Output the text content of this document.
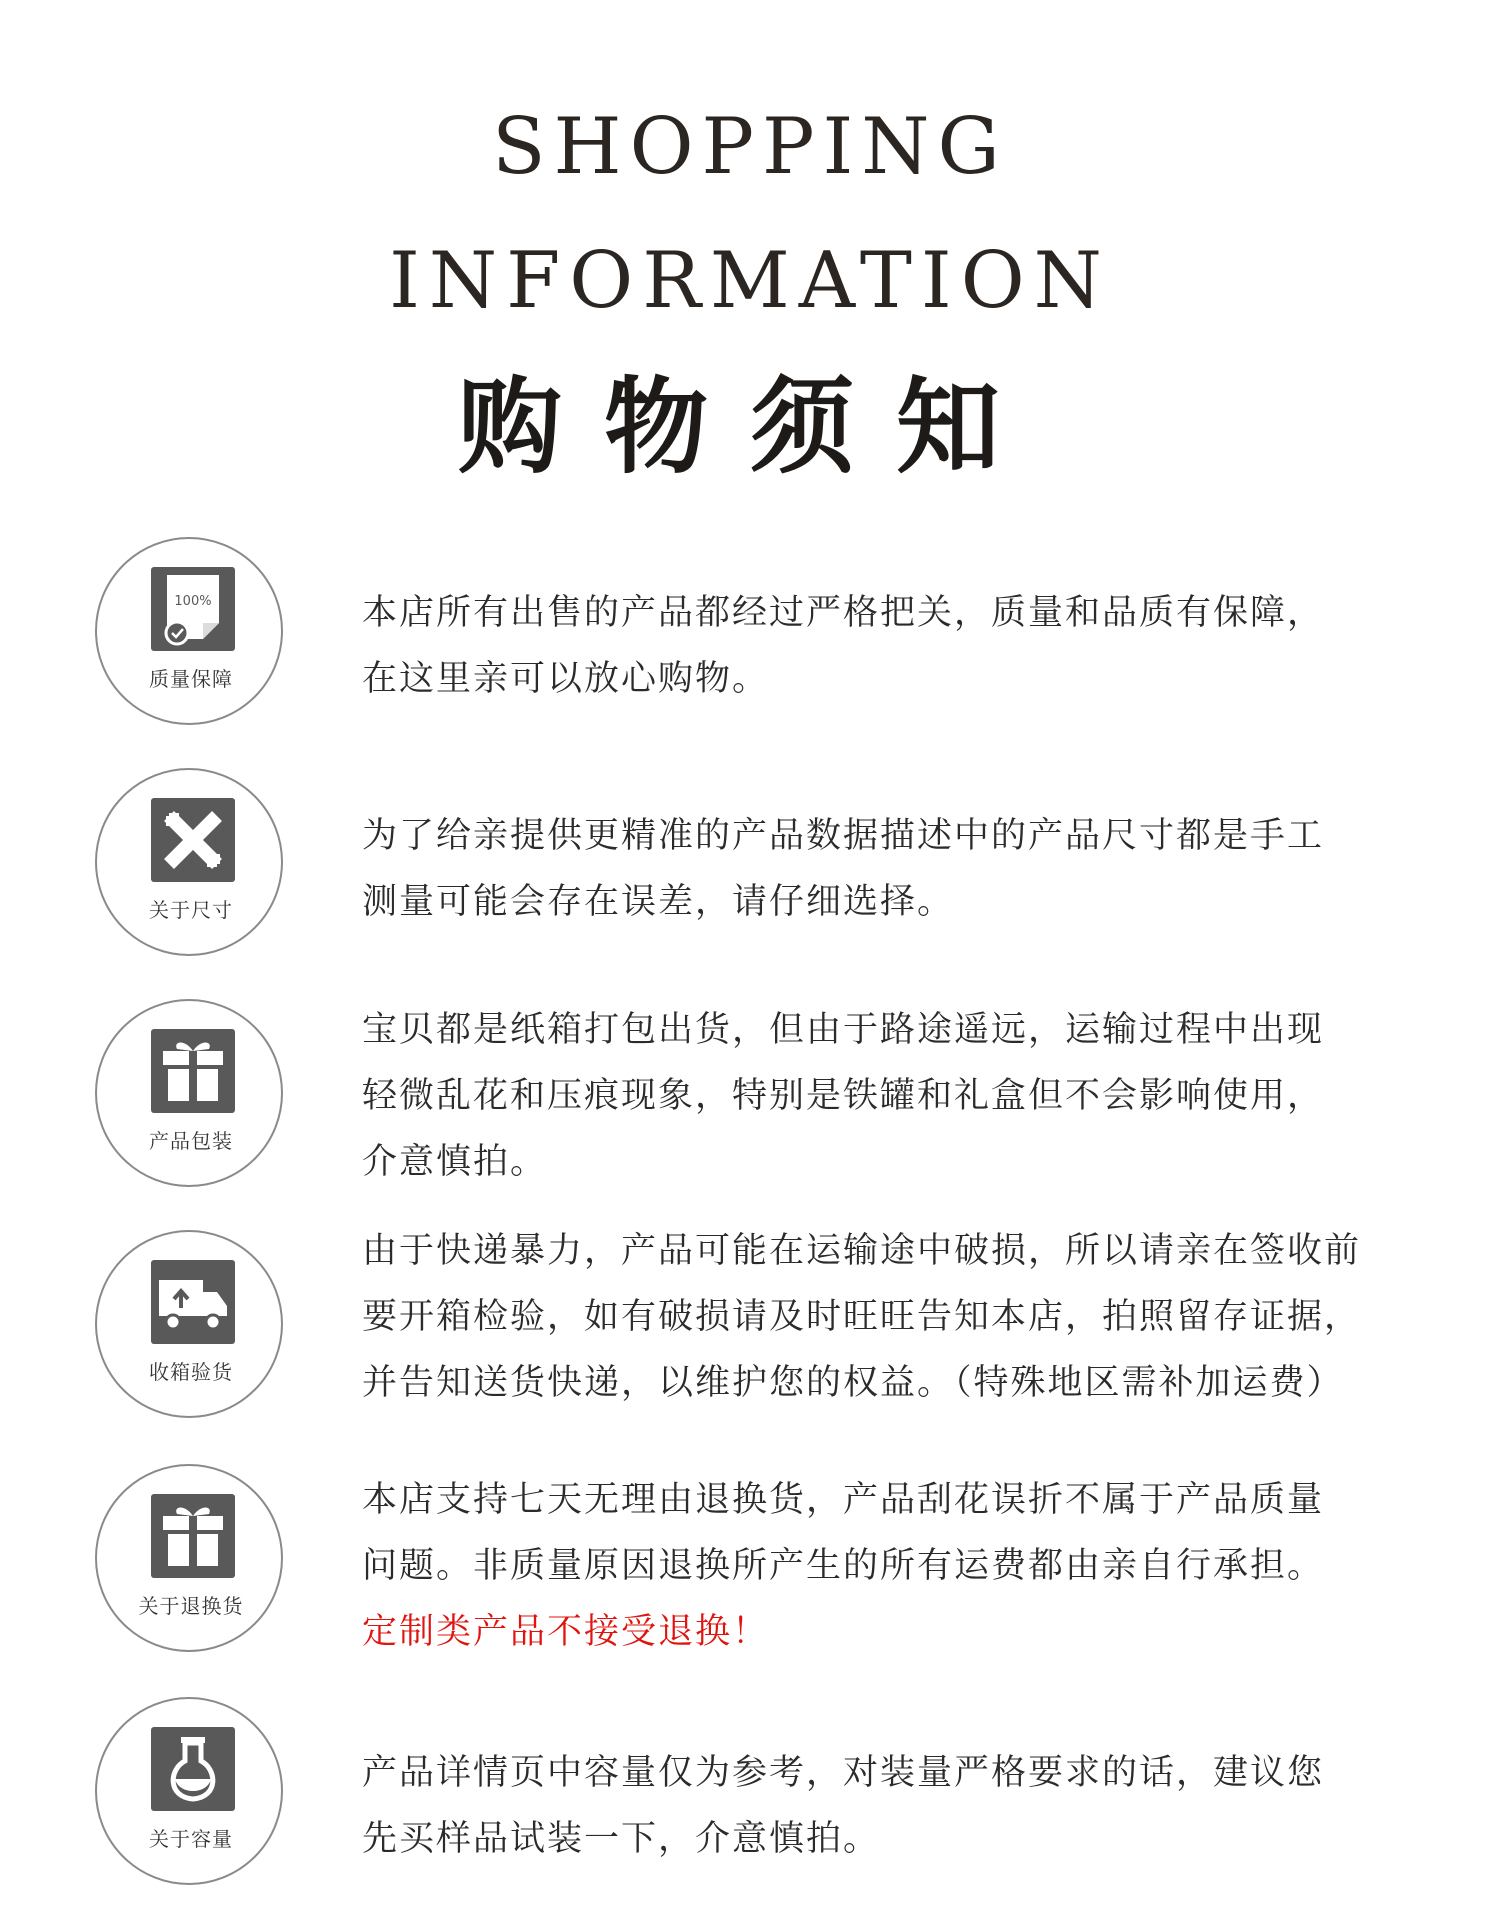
SHOPPING
INFORMATION
购物须知
100%
质量保障
本店所有出售的产品都经过严格把关，质量和品质有保障，
在这里亲可以放心购物。
关于尺寸
为了给亲提供更精准的产品数据描述中的产品尺寸都是手工
测量可能会存在误差，请仔细选择。
产品包装
宝贝都是纸箱打包出货，但由于路途遥远，运输过程中出现
轻微乱花和压痕现象，特别是铁罐和礼盒但不会影响使用，
介意慎拍。
收箱验货
由于快递暴力，产品可能在运输途中破损，所以请亲在签收前
要开箱检验，如有破损请及时旺旺告知本店，拍照留存证据，
并告知送货快递，以维护您的权益。（特殊地区需补加运费）
关于退换货
本店支持七天无理由退换货，产品刮花误折不属于产品质量
问题。非质量原因退换所产生的所有运费都由亲自行承担。
定制类产品不接受退换！
关于容量
产品详情页中容量仅为参考，对装量严格要求的话，建议您
先买样品试装一下，介意慎拍。
